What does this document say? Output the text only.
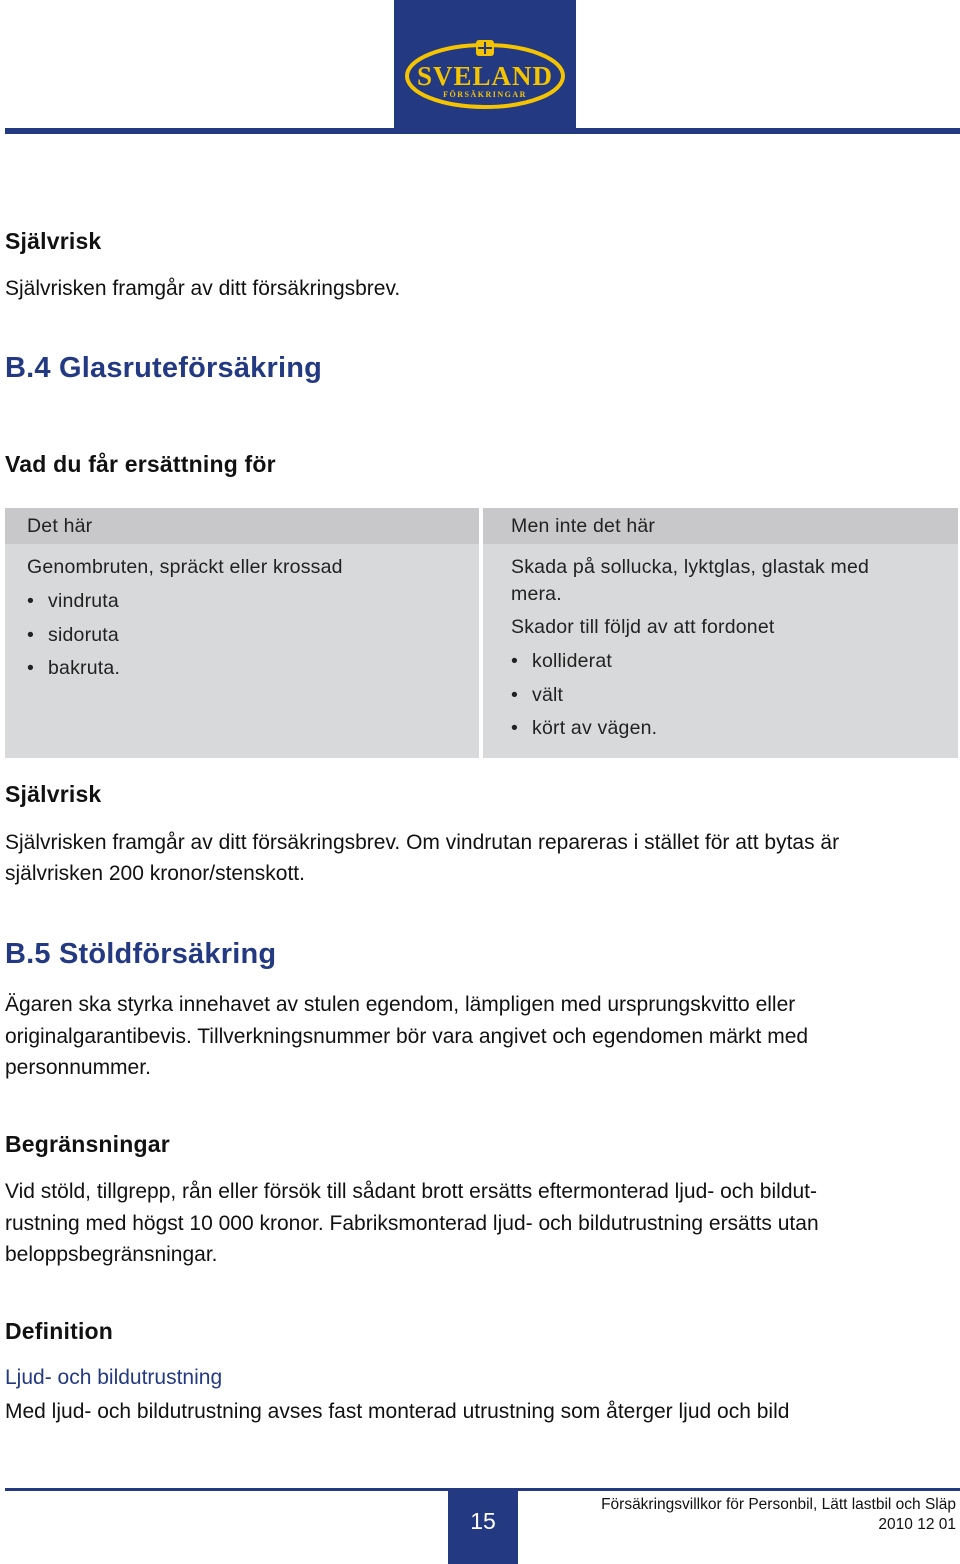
SVELAND
FÖRSÄKRINGAR
Självrisk
Självrisken framgår av ditt försäkringsbrev.
B.4 Glasruteförsäkring
Vad du får ersättning för
Det här	Men inte det här
Genombruten, spräckt eller krossad
• vindruta
• sidoruta
• bakruta.
Skada på sollucka, lyktglas, glastak med
mera.
Skador till följd av att fordonet
• kolliderat
• vält
• kört av vägen.
Självrisk
Självrisken framgår av ditt försäkringsbrev. Om vindrutan repareras i stället för att bytas är
självrisken 200 kronor/stenskott.
B.5 Stöldförsäkring
Ägaren ska styrka innehavet av stulen egendom, lämpligen med ursprungskvitto eller
originalgarantibevis. Tillverkningsnummer bör vara angivet och egendomen märkt med
personnummer.
Begränsningar
Vid stöld, tillgrepp, rån eller försök till sådant brott ersätts eftermonterad ljud- och bildut-
rustning med högst 10 000 kronor. Fabriksmonterad ljud- och bildutrustning ersätts utan
beloppsbegränsningar.
Definition
Ljud- och bildutrustning
Med ljud- och bildutrustning avses fast monterad utrustning som återger ljud och bild
15
Försäkringsvillkor för Personbil, Lätt lastbil och Släp
2010 12 01
